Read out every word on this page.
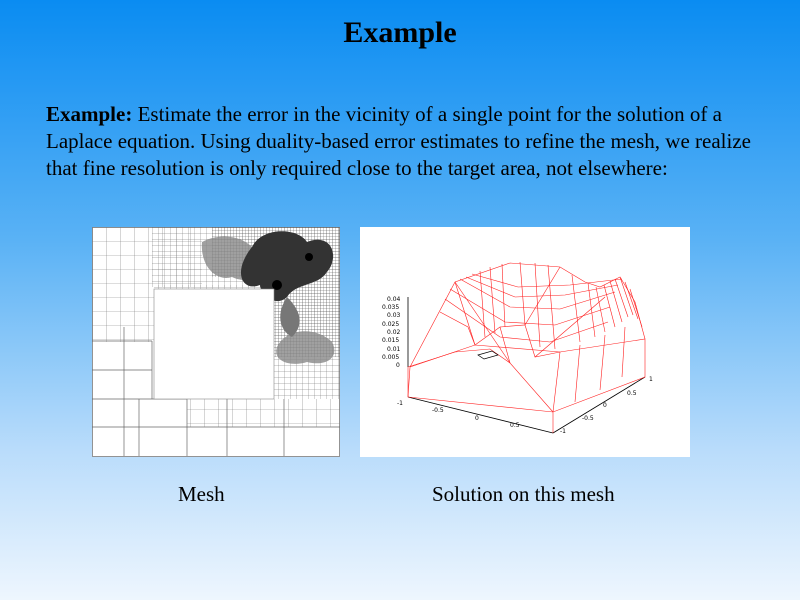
Example
Example: Estimate the error in the vicinity of a single point for the solution of a Laplace equation. Using duality-based error estimates to refine the mesh, we realize that fine resolution is only required close to the target area, not elsewhere:
0.04
0.035
0.03
0.025
0.02
0.015
0.01
0.005
0
-1
-0.5
0
0.5
1
0.5
0
-0.5
-1
Mesh	Solution on this mesh
